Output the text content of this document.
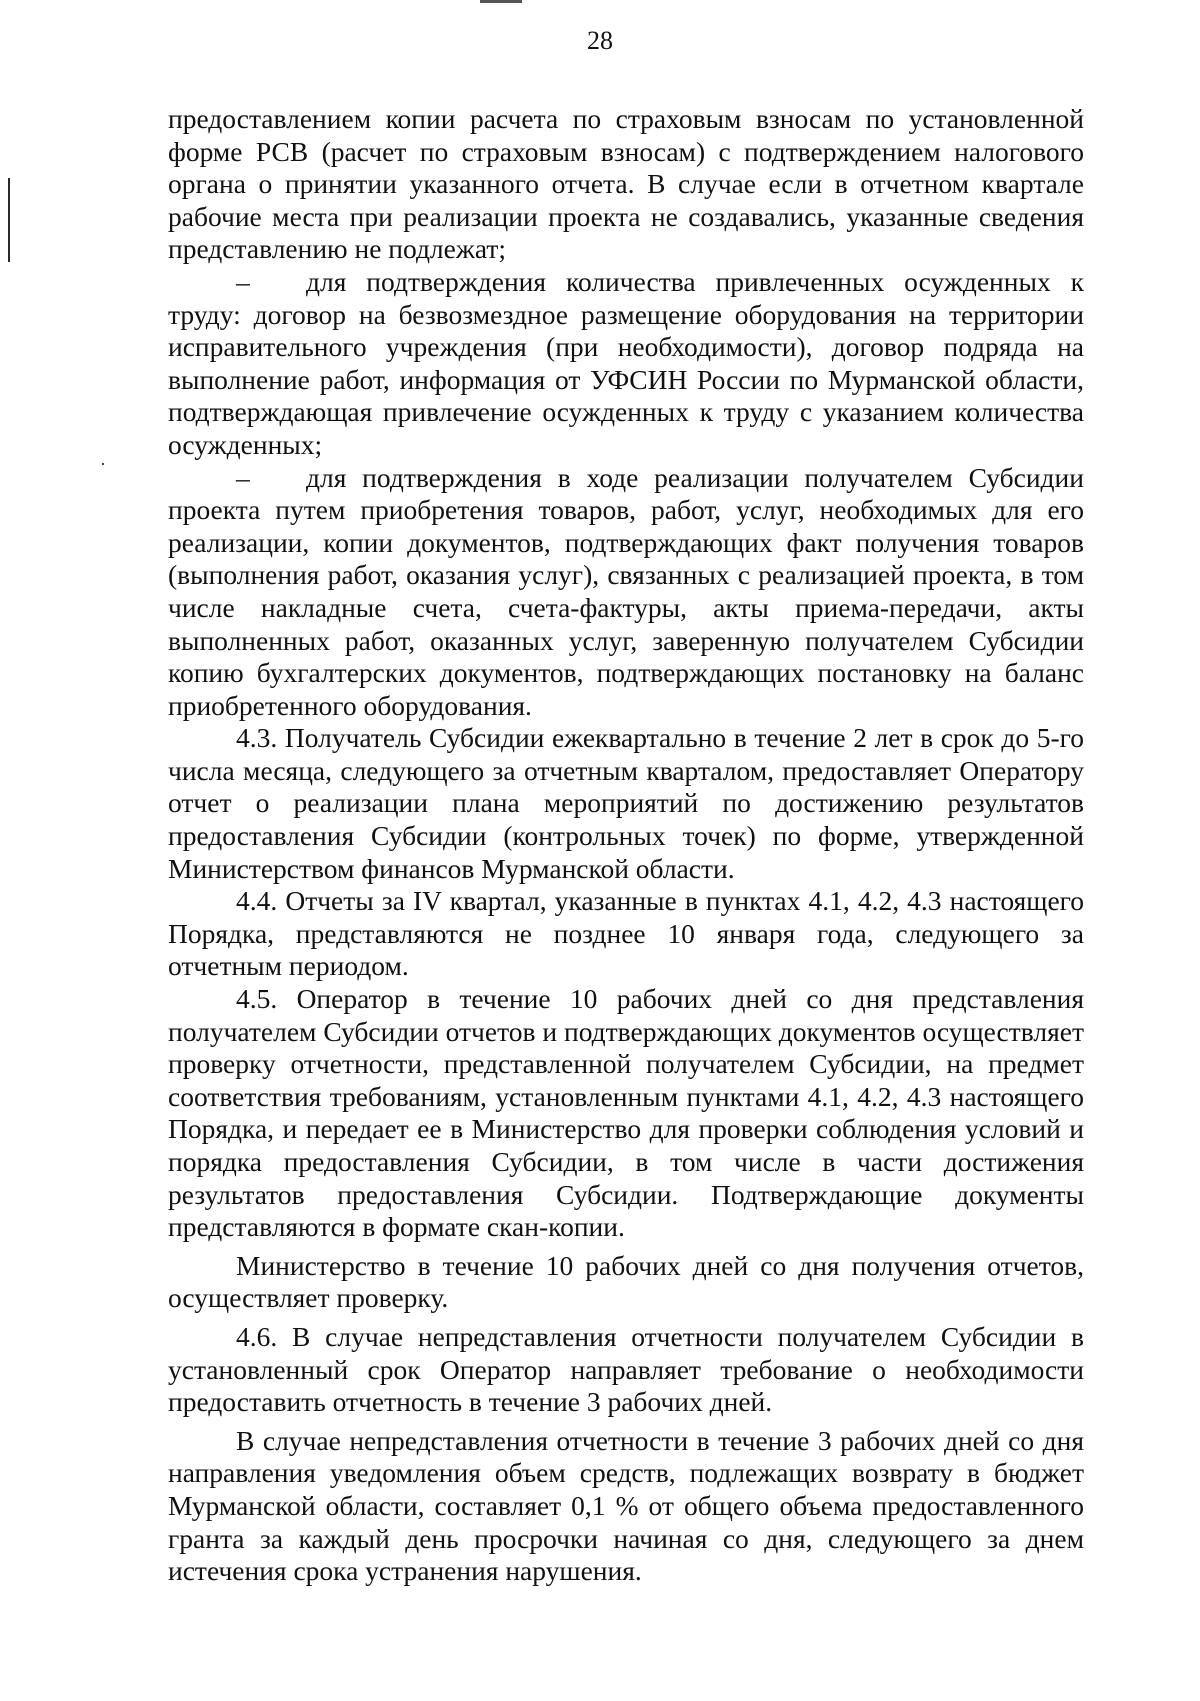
28

предоставлением копии расчета по страховым взносам по установленной форме РСВ (расчет по страховым взносам) с подтверждением налогового органа о принятии указанного отчета. В случае если в отчетном квартале рабочие места при реализации проекта не создавались, указанные сведения представлению не подлежат;

– для подтверждения количества привлеченных осужденных к труду: договор на безвозмездное размещение оборудования на территории исправительного учреждения (при необходимости), договор подряда на выполнение работ, информация от УФСИН России по Мурманской области, подтверждающая привлечение осужденных к труду с указанием количества осужденных;

– для подтверждения в ходе реализации получателем Субсидии проекта путем приобретения товаров, работ, услуг, необходимых для его реализации, копии документов, подтверждающих факт получения товаров (выполнения работ, оказания услуг), связанных с реализацией проекта, в том числе накладные счета, счета-фактуры, акты приема-передачи, акты выполненных работ, оказанных услуг, заверенную получателем Субсидии копию бухгалтерских документов, подтверждающих постановку на баланс приобретенного оборудования.

4.3. Получатель Субсидии ежеквартально в течение 2 лет в срок до 5-го числа месяца, следующего за отчетным кварталом, предоставляет Оператору отчет о реализации плана мероприятий по достижению результатов предоставления Субсидии (контрольных точек) по форме, утвержденной Министерством финансов Мурманской области.

4.4. Отчеты за IV квартал, указанные в пунктах 4.1, 4.2, 4.3 настоящего Порядка, представляются не позднее 10 января года, следующего за отчетным периодом.

4.5. Оператор в течение 10 рабочих дней со дня представления получателем Субсидии отчетов и подтверждающих документов осуществляет проверку отчетности, представленной получателем Субсидии, на предмет соответствия требованиям, установленным пунктами 4.1, 4.2, 4.3 настоящего Порядка, и передает ее в Министерство для проверки соблюдения условий и порядка предоставления Субсидии, в том числе в части достижения результатов предоставления Субсидии. Подтверждающие документы представляются в формате скан-копии.

Министерство в течение 10 рабочих дней со дня получения отчетов, осуществляет проверку.

4.6. В случае непредставления отчетности получателем Субсидии в установленный срок Оператор направляет требование о необходимости предоставить отчетность в течение 3 рабочих дней.

В случае непредставления отчетности в течение 3 рабочих дней со дня направления уведомления объем средств, подлежащих возврату в бюджет Мурманской области, составляет 0,1 % от общего объема предоставленного гранта за каждый день просрочки начиная со дня, следующего за днем истечения срока устранения нарушения.
